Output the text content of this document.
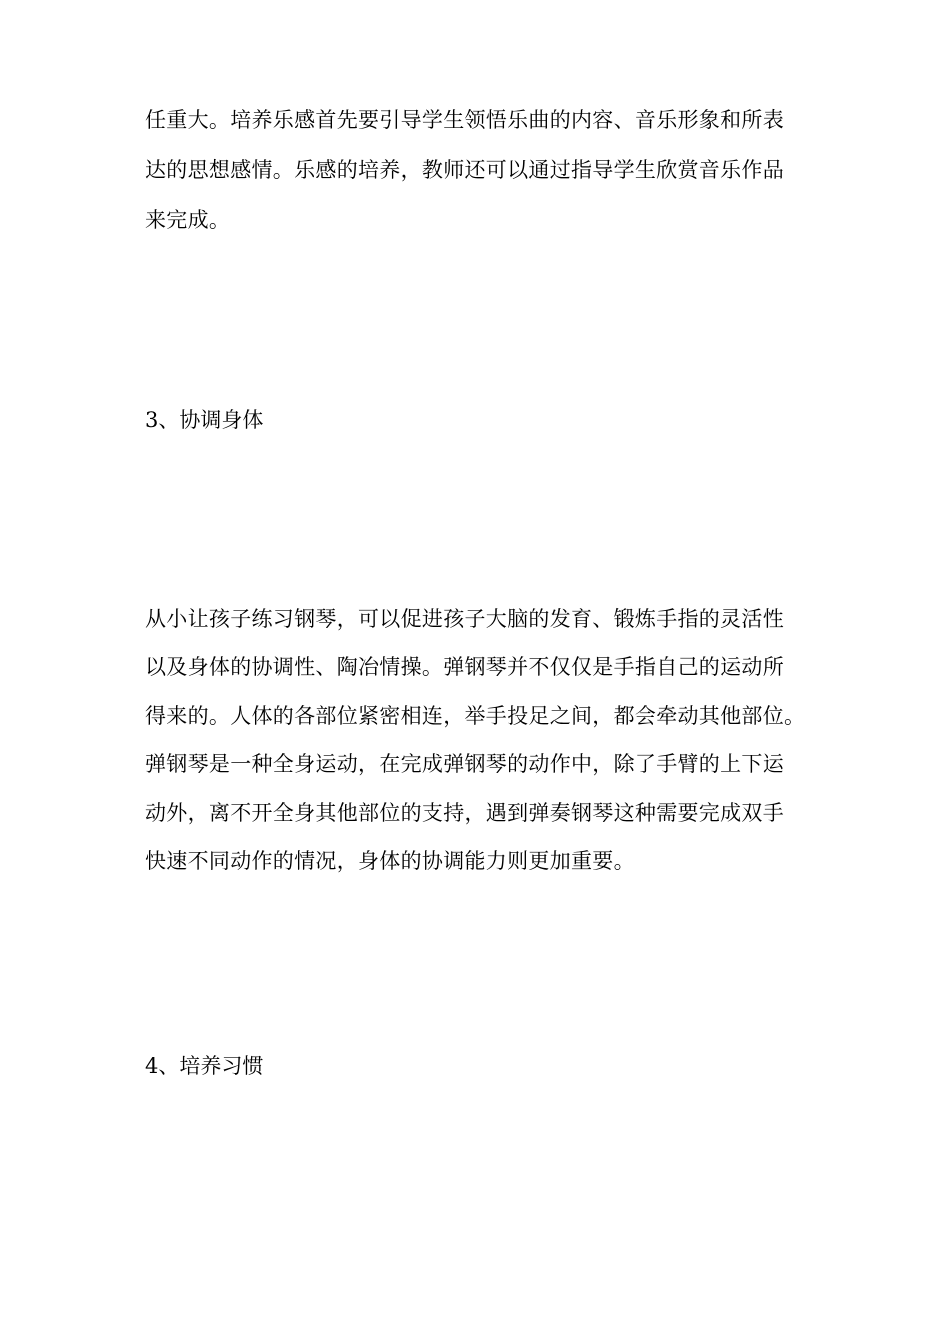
任重大。培养乐感首先要引导学生领悟乐曲的内容、音乐形象和所表

达的思想感情。乐感的培养，教师还可以通过指导学生欣赏音乐作品

来完成。

3、协调身体

从小让孩子练习钢琴，可以促进孩子大脑的发育、锻炼手指的灵活性

以及身体的协调性、陶冶情操。弹钢琴并不仅仅是手指自己的运动所

得来的。人体的各部位紧密相连，举手投足之间，都会牵动其他部位。

弹钢琴是一种全身运动，在完成弹钢琴的动作中，除了手臂的上下运

动外，离不开全身其他部位的支持，遇到弹奏钢琴这种需要完成双手

快速不同动作的情况，身体的协调能力则更加重要。

4、培养习惯
